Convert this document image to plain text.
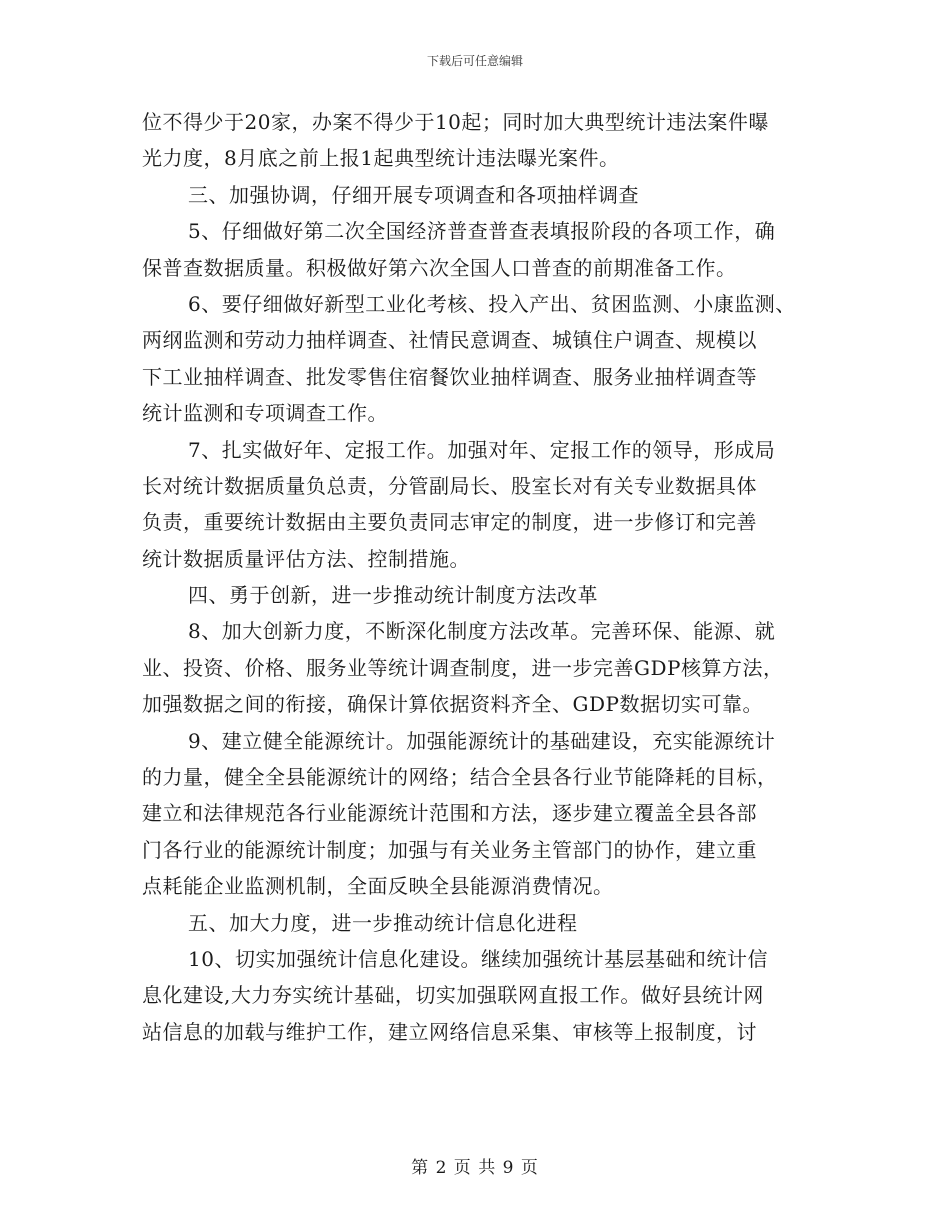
下载后可任意编辑
位不得少于20家，办案不得少于10起；同时加大典型统计违法案件曝
光力度，8月底之前上报1起典型统计违法曝光案件。
三、加强协调，仔细开展专项调查和各项抽样调查
5、仔细做好第二次全国经济普查普查表填报阶段的各项工作，确
保普查数据质量。积极做好第六次全国人口普查的前期准备工作。
6、要仔细做好新型工业化考核、投入产出、贫困监测、小康监测、
两纲监测和劳动力抽样调查、社情民意调查、城镇住户调查、规模以
下工业抽样调查、批发零售住宿餐饮业抽样调查、服务业抽样调查等
统计监测和专项调查工作。
7、扎实做好年、定报工作。加强对年、定报工作的领导，形成局
长对统计数据质量负总责，分管副局长、股室长对有关专业数据具体
负责，重要统计数据由主要负责同志审定的制度，进一步修订和完善
统计数据质量评估方法、控制措施。
四、勇于创新，进一步推动统计制度方法改革
8、加大创新力度，不断深化制度方法改革。完善环保、能源、就
业、投资、价格、服务业等统计调查制度，进一步完善GDP核算方法，
加强数据之间的衔接，确保计算依据资料齐全、GDP数据切实可靠。
9、建立健全能源统计。加强能源统计的基础建设，充实能源统计
的力量，健全全县能源统计的网络；结合全县各行业节能降耗的目标，
建立和法律规范各行业能源统计范围和方法，逐步建立覆盖全县各部
门各行业的能源统计制度；加强与有关业务主管部门的协作，建立重
点耗能企业监测机制，全面反映全县能源消费情况。
五、加大力度，进一步推动统计信息化进程
10、切实加强统计信息化建设。继续加强统计基层基础和统计信
息化建设,大力夯实统计基础，切实加强联网直报工作。做好县统计网
站信息的加载与维护工作，建立网络信息采集、审核等上报制度，讨
第 2 页 共 9 页
